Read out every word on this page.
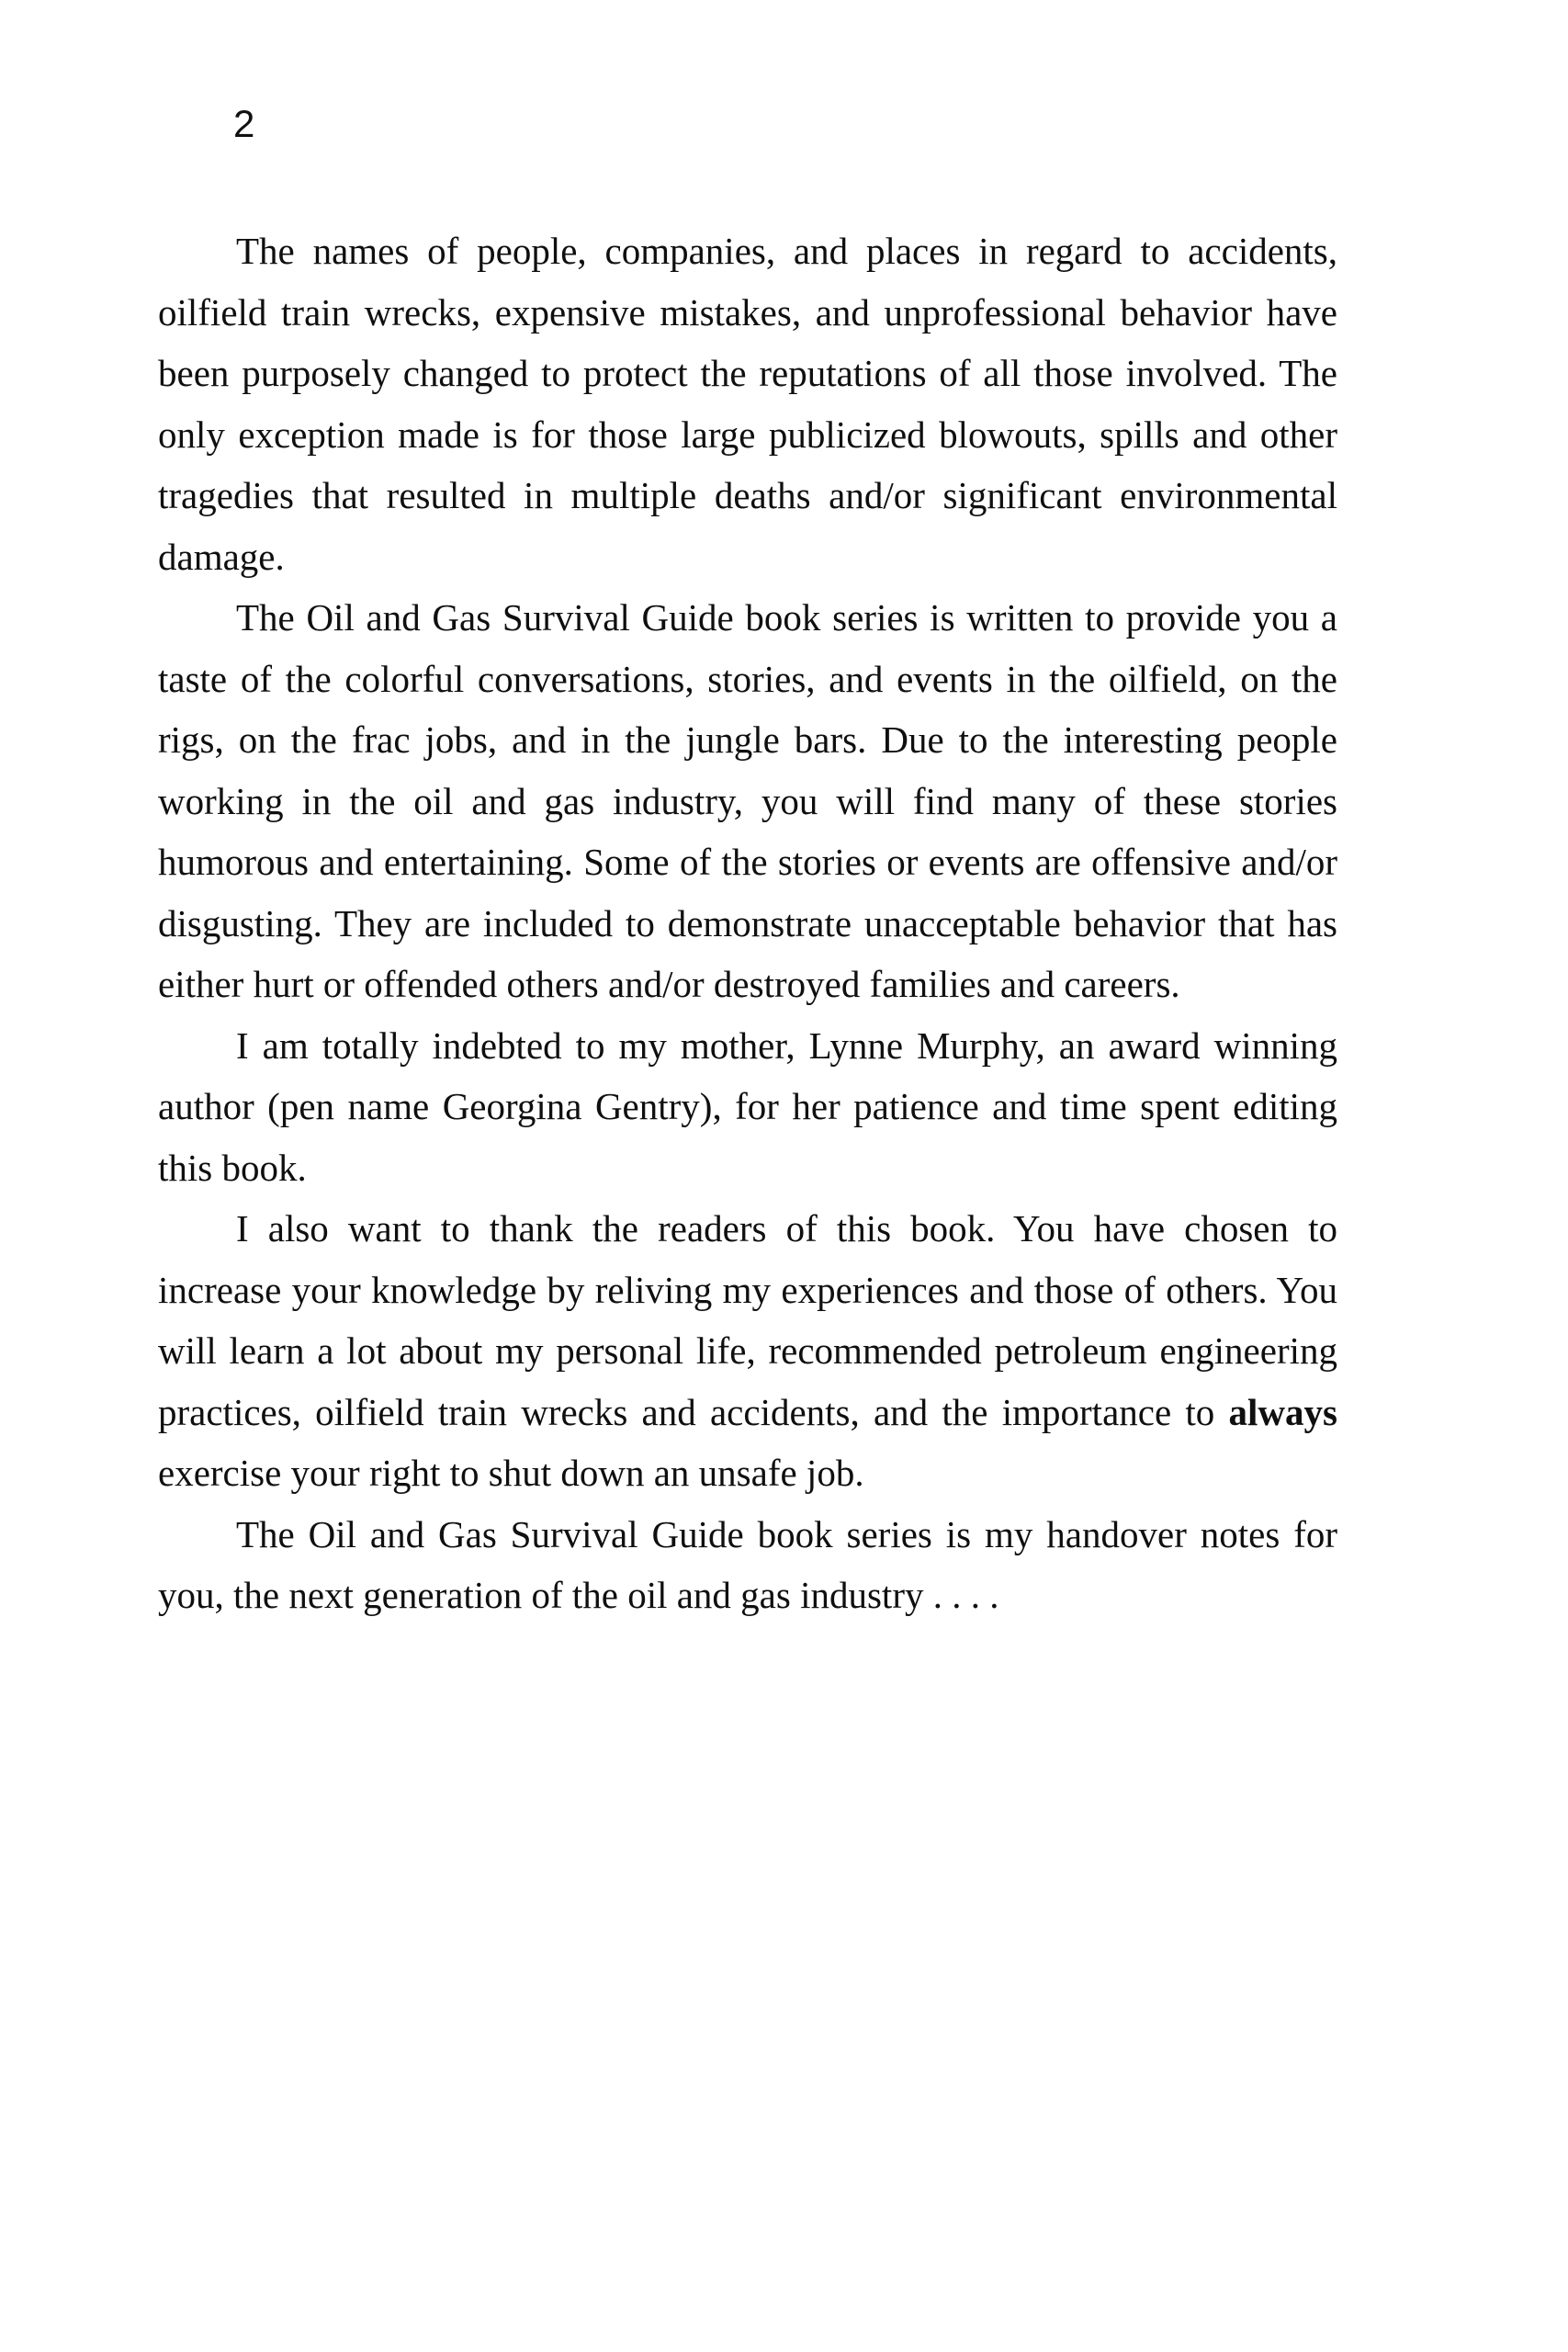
2

The names of people, companies, and places in regard to accidents, oilfield train wrecks, expensive mistakes, and unprofessional behavior have been purposely changed to protect the reputations of all those involved. The only exception made is for those large publicized blowouts, spills and other tragedies that resulted in multiple deaths and/or significant environmental damage.

The Oil and Gas Survival Guide book series is written to provide you a taste of the colorful conversations, stories, and events in the oilfield, on the rigs, on the frac jobs, and in the jungle bars. Due to the interesting people working in the oil and gas industry, you will find many of these stories humorous and entertaining. Some of the stories or events are offensive and/or disgusting. They are included to demonstrate unacceptable behavior that has either hurt or offended others and/or destroyed families and careers.

I am totally indebted to my mother, Lynne Murphy, an award winning author (pen name Georgina Gentry), for her patience and time spent editing this book.

I also want to thank the readers of this book. You have chosen to increase your knowledge by reliving my experiences and those of others. You will learn a lot about my personal life, recommended petroleum engineering practices, oilfield train wrecks and accidents, and the importance to always exercise your right to shut down an unsafe job.

The Oil and Gas Survival Guide book series is my handover notes for you, the next generation of the oil and gas industry . . . .
